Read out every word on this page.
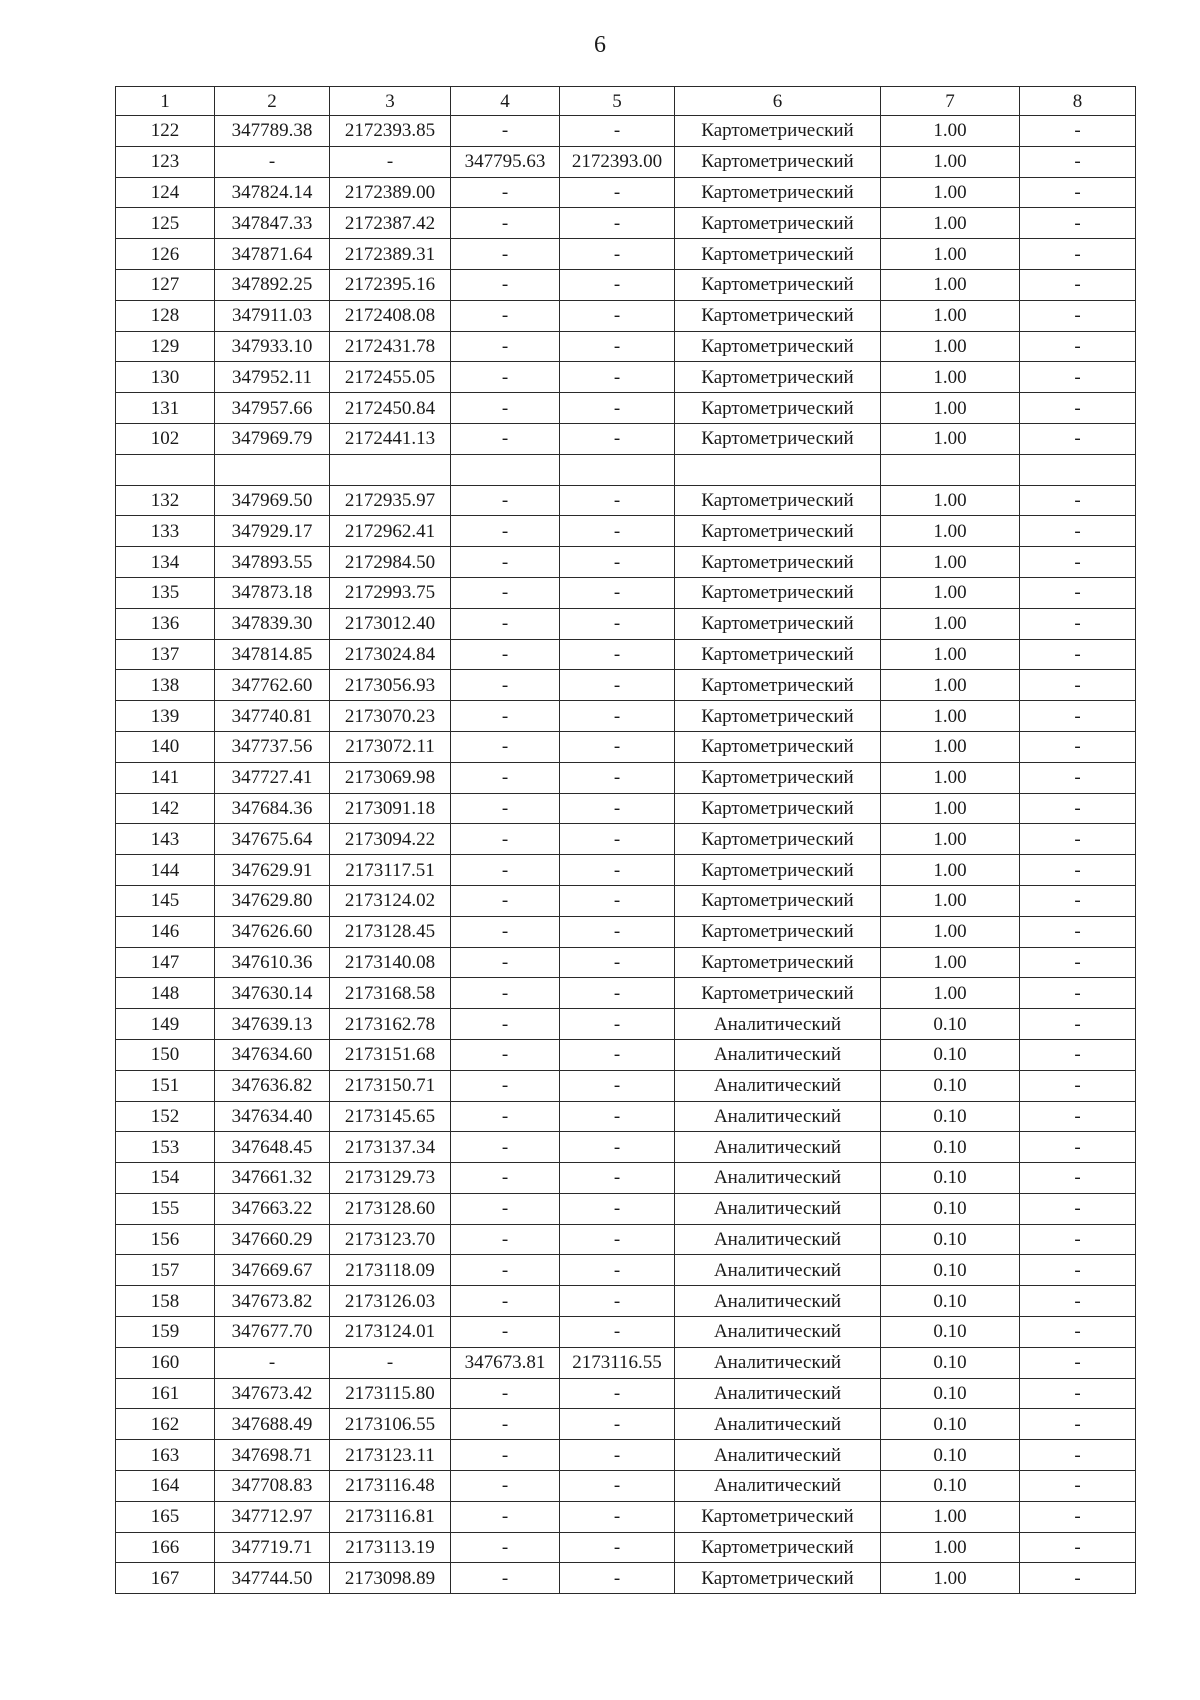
6
1	2	3	4	5	6	7	8
122	347789.38	2172393.85	-	-	Картометрический	1.00	-
123	-	-	347795.63	2172393.00	Картометрический	1.00	-
124	347824.14	2172389.00	-	-	Картометрический	1.00	-
125	347847.33	2172387.42	-	-	Картометрический	1.00	-
126	347871.64	2172389.31	-	-	Картометрический	1.00	-
127	347892.25	2172395.16	-	-	Картометрический	1.00	-
128	347911.03	2172408.08	-	-	Картометрический	1.00	-
129	347933.10	2172431.78	-	-	Картометрический	1.00	-
130	347952.11	2172455.05	-	-	Картометрический	1.00	-
131	347957.66	2172450.84	-	-	Картометрический	1.00	-
102	347969.79	2172441.13	-	-	Картометрический	1.00	-

132	347969.50	2172935.97	-	-	Картометрический	1.00	-
133	347929.17	2172962.41	-	-	Картометрический	1.00	-
134	347893.55	2172984.50	-	-	Картометрический	1.00	-
135	347873.18	2172993.75	-	-	Картометрический	1.00	-
136	347839.30	2173012.40	-	-	Картометрический	1.00	-
137	347814.85	2173024.84	-	-	Картометрический	1.00	-
138	347762.60	2173056.93	-	-	Картометрический	1.00	-
139	347740.81	2173070.23	-	-	Картометрический	1.00	-
140	347737.56	2173072.11	-	-	Картометрический	1.00	-
141	347727.41	2173069.98	-	-	Картометрический	1.00	-
142	347684.36	2173091.18	-	-	Картометрический	1.00	-
143	347675.64	2173094.22	-	-	Картометрический	1.00	-
144	347629.91	2173117.51	-	-	Картометрический	1.00	-
145	347629.80	2173124.02	-	-	Картометрический	1.00	-
146	347626.60	2173128.45	-	-	Картометрический	1.00	-
147	347610.36	2173140.08	-	-	Картометрический	1.00	-
148	347630.14	2173168.58	-	-	Картометрический	1.00	-
149	347639.13	2173162.78	-	-	Аналитический	0.10	-
150	347634.60	2173151.68	-	-	Аналитический	0.10	-
151	347636.82	2173150.71	-	-	Аналитический	0.10	-
152	347634.40	2173145.65	-	-	Аналитический	0.10	-
153	347648.45	2173137.34	-	-	Аналитический	0.10	-
154	347661.32	2173129.73	-	-	Аналитический	0.10	-
155	347663.22	2173128.60	-	-	Аналитический	0.10	-
156	347660.29	2173123.70	-	-	Аналитический	0.10	-
157	347669.67	2173118.09	-	-	Аналитический	0.10	-
158	347673.82	2173126.03	-	-	Аналитический	0.10	-
159	347677.70	2173124.01	-	-	Аналитический	0.10	-
160	-	-	347673.81	2173116.55	Аналитический	0.10	-
161	347673.42	2173115.80	-	-	Аналитический	0.10	-
162	347688.49	2173106.55	-	-	Аналитический	0.10	-
163	347698.71	2173123.11	-	-	Аналитический	0.10	-
164	347708.83	2173116.48	-	-	Аналитический	0.10	-
165	347712.97	2173116.81	-	-	Картометрический	1.00	-
166	347719.71	2173113.19	-	-	Картометрический	1.00	-
167	347744.50	2173098.89	-	-	Картометрический	1.00	-
